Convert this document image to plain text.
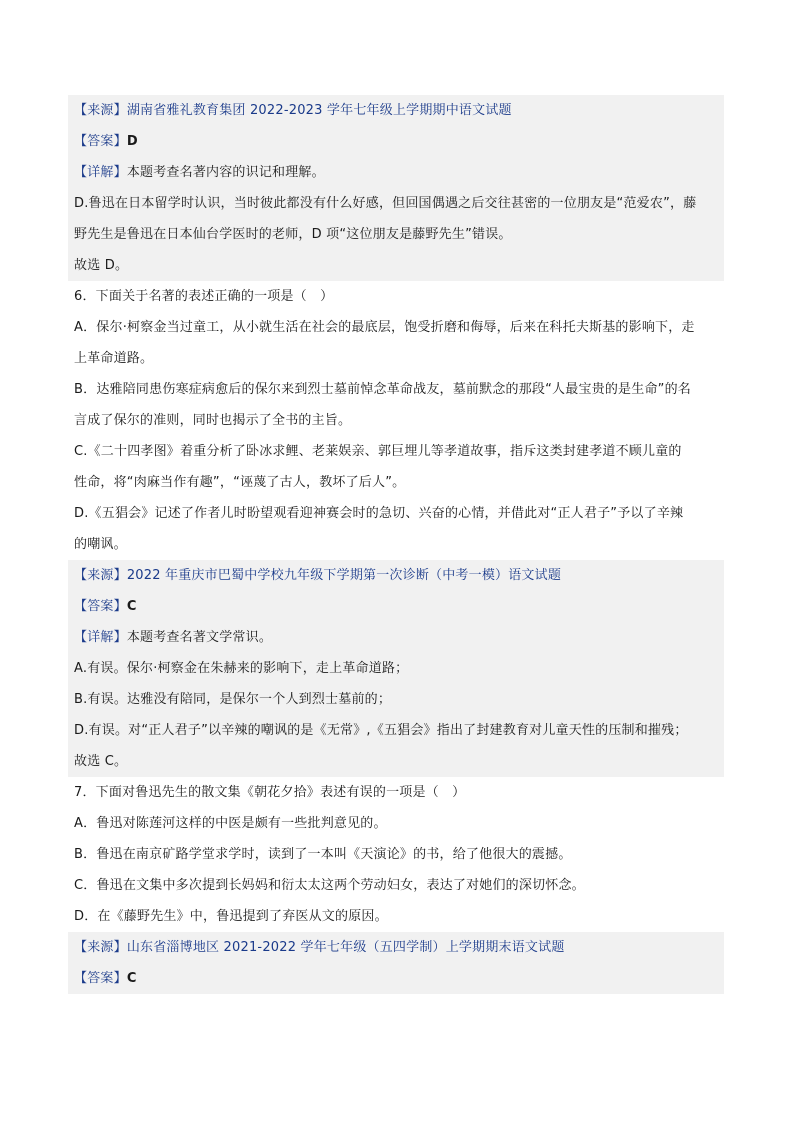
【来源】湖南省雅礼教育集团 2022-2023 学年七年级上学期期中语文试题
【答案】D
【详解】本题考查名著内容的识记和理解。
D.鲁迅在日本留学时认识，当时彼此都没有什么好感，但回国偶遇之后交往甚密的一位朋友是“范爱农”，藤
野先生是鲁迅在日本仙台学医时的老师，D 项“这位朋友是藤野先生”错误。
故选 D。
6．下面关于名著的表述正确的一项是（　）
A．保尔·柯察金当过童工，从小就生活在社会的最底层，饱受折磨和侮辱，后来在科托夫斯基的影响下，走
上革命道路。
B．达雅陪同患伤寒症病愈后的保尔来到烈士墓前悼念革命战友，墓前默念的那段“人最宝贵的是生命”的名
言成了保尔的准则，同时也揭示了全书的主旨。
C.《二十四孝图》着重分析了卧冰求鲤、老莱娱亲、郭巨埋儿等孝道故事，指斥这类封建孝道不顾儿童的
性命，将“肉麻当作有趣”，“诬蔑了古人，教坏了后人”。
D.《五猖会》记述了作者儿时盼望观看迎神赛会时的急切、兴奋的心情，并借此对“正人君子”予以了辛辣
的嘲讽。
【来源】2022 年重庆市巴蜀中学校九年级下学期第一次诊断（中考一模）语文试题
【答案】C
【详解】本题考查名著文学常识。
A.有误。保尔·柯察金在朱赫来的影响下，走上革命道路；
B.有误。达雅没有陪同，是保尔一个人到烈士墓前的；
D.有误。对“正人君子”以辛辣的嘲讽的是《无常》,《五猖会》指出了封建教育对儿童天性的压制和摧残；
故选 C。
7．下面对鲁迅先生的散文集《朝花夕拾》表述有误的一项是（　）
A．鲁迅对陈莲河这样的中医是颇有一些批判意见的。
B．鲁迅在南京矿路学堂求学时，读到了一本叫《天演论》的书，给了他很大的震撼。
C．鲁迅在文集中多次提到长妈妈和衍太太这两个劳动妇女，表达了对她们的深切怀念。
D．在《藤野先生》中，鲁迅提到了弃医从文的原因。
【来源】山东省淄博地区 2021-2022 学年七年级（五四学制）上学期期末语文试题
【答案】C
